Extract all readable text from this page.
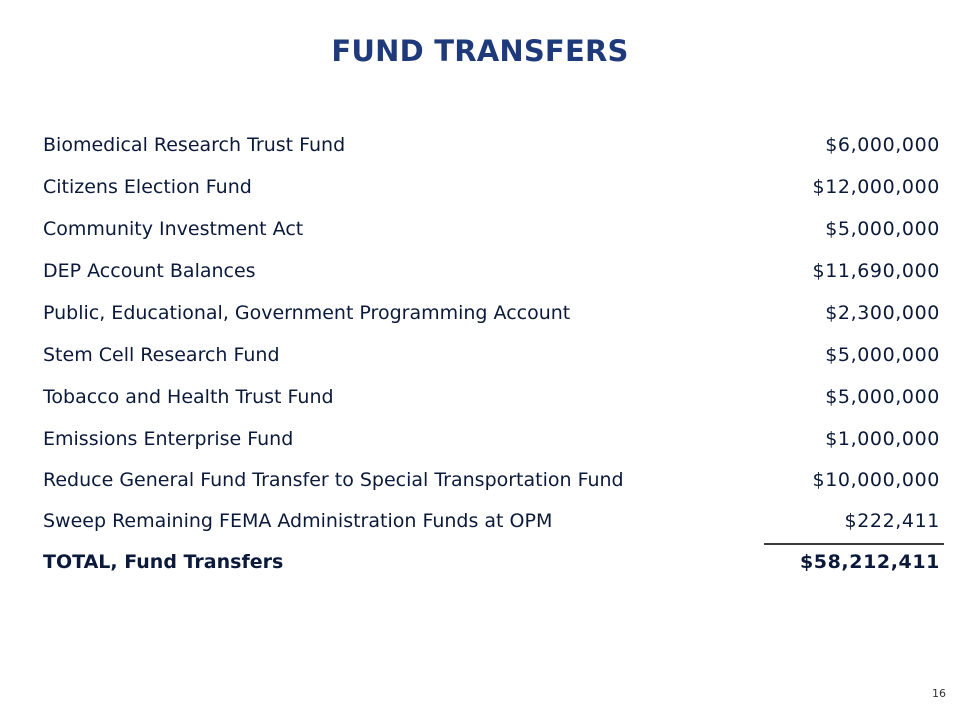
FUND TRANSFERS
Biomedical Research Trust Fund	$6,000,000
Citizens Election Fund	$12,000,000
Community Investment Act	$5,000,000
DEP Account Balances	$11,690,000
Public, Educational, Government Programming Account	$2,300,000
Stem Cell Research Fund	$5,000,000
Tobacco and Health Trust Fund	$5,000,000
Emissions Enterprise Fund	$1,000,000
Reduce General Fund Transfer to Special Transportation Fund	$10,000,000
Sweep Remaining FEMA Administration Funds at OPM	$222,411
TOTAL, Fund Transfers	$58,212,411
16
